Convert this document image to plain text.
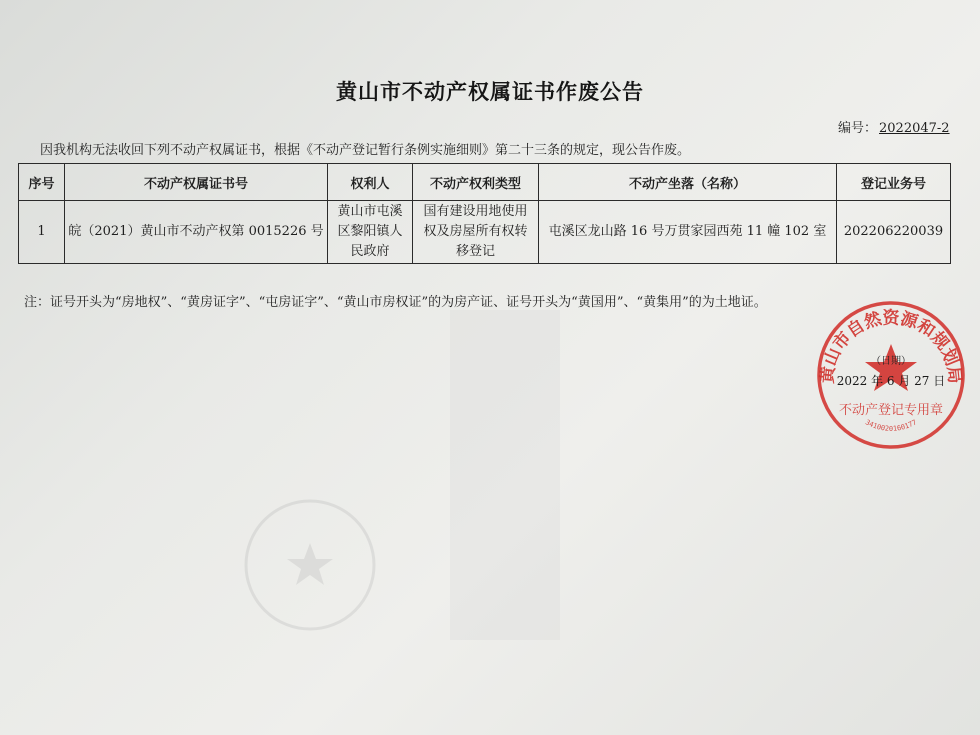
黄山市不动产权属证书作废公告
编号： 2022047-2
因我机构无法收回下列不动产权属证书，根据《不动产登记暂行条例实施细则》第二十三条的规定，现公告作废。
序号	不动产权属证书号	权利人	不动产权利类型	不动产坐落（名称）	登记业务号
1	皖（2021）黄山市不动产权第 0015226 号	黄山市屯溪区黎阳镇人民政府	国有建设用地使用权及房屋所有权转移登记	屯溪区龙山路 16 号万贯家园西苑 11 幢 102 室	202206220039
注：证号开头为“房地权”、“黄房证字”、“屯房证字”、“黄山市房权证”的为房产证、证号开头为“黄国用”、“黄集用”的为土地证。
黄山市自然资源和规划局
3410020160177
（日期）
2022 年 6 月 27 日
不动产登记专用章
